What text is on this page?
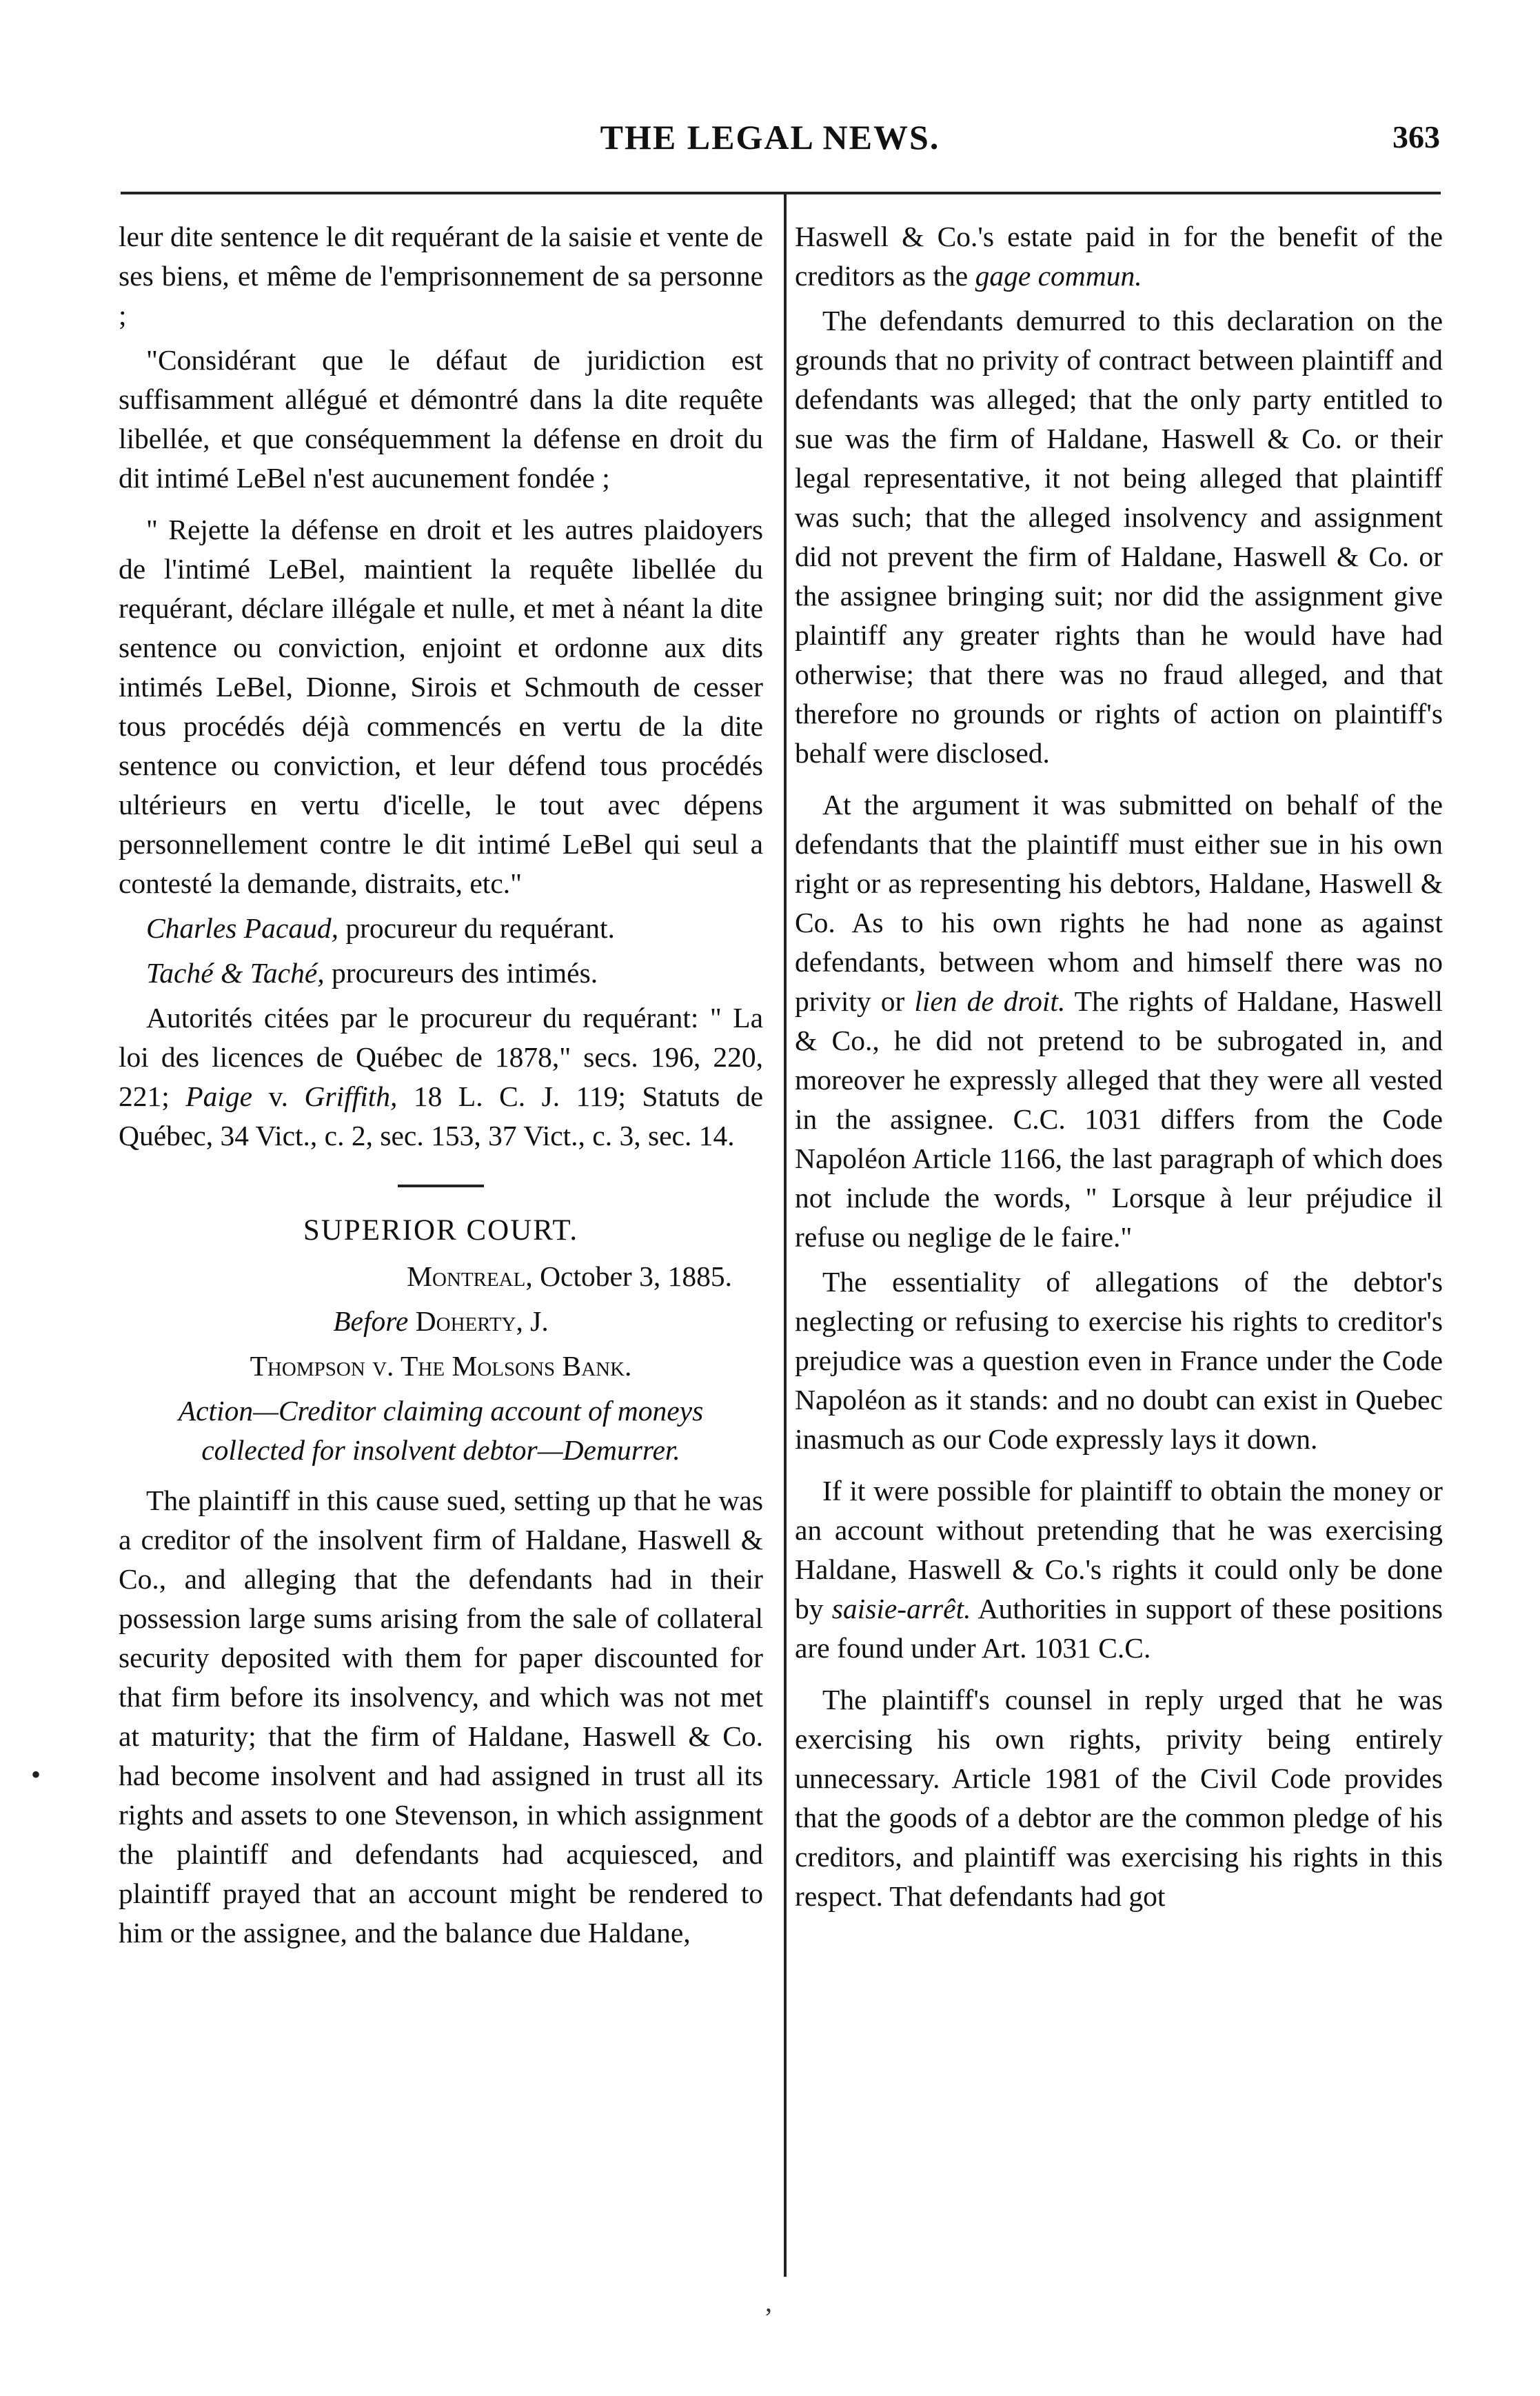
THE LEGAL NEWS.	363

leur dite sentence le dit requérant de la saisie et vente de ses biens, et même de l'emprisonnement de sa personne ;

"Considérant que le défaut de juridiction est suffisamment allégué et démontré dans la dite requête libellée, et que conséquemment la défense en droit du dit intimé LeBel n'est aucunement fondée ;

" Rejette la défense en droit et les autres plaidoyers de l'intimé LeBel, maintient la requête libellée du requérant, déclare illégale et nulle, et met à néant la dite sentence ou conviction, enjoint et ordonne aux dits intimés LeBel, Dionne, Sirois et Schmouth de cesser tous procédés déjà commencés en vertu de la dite sentence ou conviction, et leur défend tous procédés ultérieurs en vertu d'icelle, le tout avec dépens personnellement contre le dit intimé LeBel qui seul a contesté la demande, distraits, etc."

Charles Pacaud, procureur du requérant.

Taché & Taché, procureurs des intimés.

Autorités citées par le procureur du requérant: " La loi des licences de Québec de 1878," secs. 196, 220, 221; Paige v. Griffith, 18 L. C. J. 119; Statuts de Québec, 34 Vict., c. 2, sec. 153, 37 Vict., c. 3, sec. 14.

SUPERIOR COURT.

Montreal, October 3, 1885.

Before Doherty, J.

Thompson v. The Molsons Bank.

Action—Creditor claiming account of moneys collected for insolvent debtor—Demurrer.

The plaintiff in this cause sued, setting up that he was a creditor of the insolvent firm of Haldane, Haswell & Co., and alleging that the defendants had in their possession large sums arising from the sale of collateral security deposited with them for paper discounted for that firm before its insolvency, and which was not met at maturity; that the firm of Haldane, Haswell & Co. had become insolvent and had assigned in trust all its rights and assets to one Stevenson, in which assignment the plaintiff and defendants had acquiesced, and plaintiff prayed that an account might be rendered to him or the assignee, and the balance due Haldane,

Haswell & Co.'s estate paid in for the benefit of the creditors as the gage commun.

The defendants demurred to this declaration on the grounds that no privity of contract between plaintiff and defendants was alleged; that the only party entitled to sue was the firm of Haldane, Haswell & Co. or their legal representative, it not being alleged that plaintiff was such; that the alleged insolvency and assignment did not prevent the firm of Haldane, Haswell & Co. or the assignee bringing suit; nor did the assignment give plaintiff any greater rights than he would have had otherwise; that there was no fraud alleged, and that therefore no grounds or rights of action on plaintiff's behalf were disclosed.

At the argument it was submitted on behalf of the defendants that the plaintiff must either sue in his own right or as representing his debtors, Haldane, Haswell & Co. As to his own rights he had none as against defendants, between whom and himself there was no privity or lien de droit. The rights of Haldane, Haswell & Co., he did not pretend to be subrogated in, and moreover he expressly alleged that they were all vested in the assignee. C.C. 1031 differs from the Code Napoléon Article 1166, the last paragraph of which does not include the words, " Lorsque à leur préjudice il refuse ou neglige de le faire."

The essentiality of allegations of the debtor's neglecting or refusing to exercise his rights to creditor's prejudice was a question even in France under the Code Napoléon as it stands: and no doubt can exist in Quebec inasmuch as our Code expressly lays it down.

If it were possible for plaintiff to obtain the money or an account without pretending that he was exercising Haldane, Haswell & Co.'s rights it could only be done by saisie-arrêt. Authorities in support of these positions are found under Art. 1031 C.C.

The plaintiff's counsel in reply urged that he was exercising his own rights, privity being entirely unnecessary. Article 1981 of the Civil Code provides that the goods of a debtor are the common pledge of his creditors, and plaintiff was exercising his rights in this respect. That defendants had got

•
,
